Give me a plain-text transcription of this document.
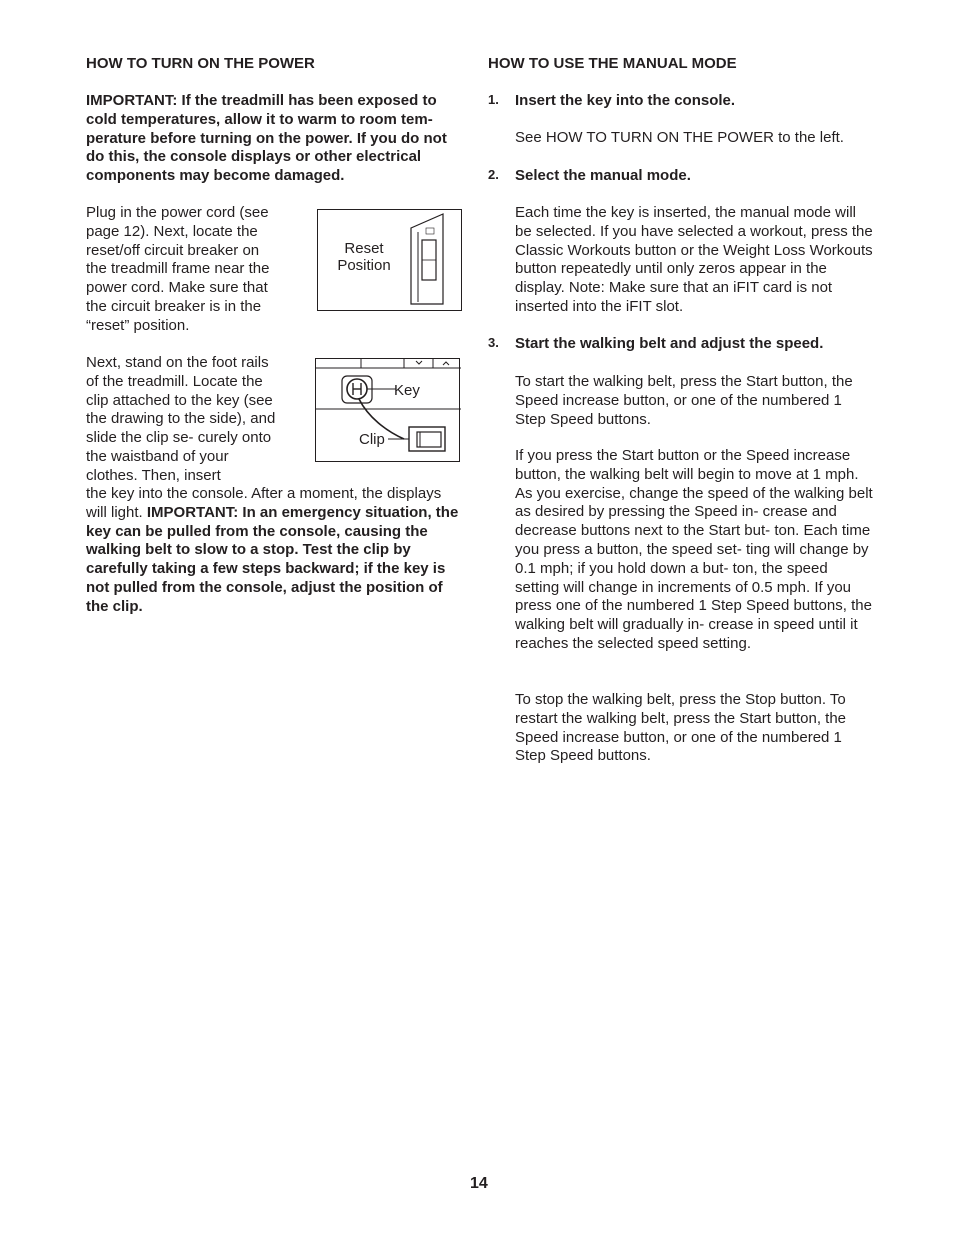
HOW TO TURN ON THE POWER

IMPORTANT: If the treadmill has been exposed to cold temperatures, allow it to warm to room tem- perature before turning on the power. If you do not do this, the console displays or other electrical components may become damaged.

Plug in the power cord (see page 12). Next, locate the reset/off circuit breaker on the treadmill frame near the power cord. Make sure that the circuit breaker is in the “reset” position.

Reset
Position

Next, stand on the foot rails of the treadmill. Locate the clip attached to the key (see the drawing to the side), and slide the clip se- curely onto the waistband of your clothes. Then, insert

Key
Clip

the key into the console. After a moment, the displays will light. IMPORTANT: In an emergency situation, the key can be pulled from the console, causing the walking belt to slow to a stop. Test the clip by carefully taking a few steps backward; if the key is not pulled from the console, adjust the position of the clip.

HOW TO USE THE MANUAL MODE
1. Insert the key into the console.

See HOW TO TURN ON THE POWER to the left.

2. Select the manual mode.

Each time the key is inserted, the manual mode will be selected. If you have selected a workout, press the Classic Workouts button or the Weight Loss Workouts button repeatedly until only zeros appear in the display. Note: Make sure that an iFIT card is not inserted into the iFIT slot.

3. Start the walking belt and adjust the speed.

To start the walking belt, press the Start button, the Speed increase button, or one of the numbered 1 Step Speed buttons.

If you press the Start button or the Speed increase button, the walking belt will begin to move at 1 mph. As you exercise, change the speed of the walking belt as desired by pressing the Speed in- crease and decrease buttons next to the Start but- ton. Each time you press a button, the speed set- ting will change by 0.1 mph; if you hold down a but- ton, the speed setting will change in increments of 0.5 mph. If you press one of the numbered 1 Step Speed buttons, the walking belt will gradually in- crease in speed until it reaches the selected speed setting.

To stop the walking belt, press the Stop button. To restart the walking belt, press the Start button, the Speed increase button, or one of the numbered 1 Step Speed buttons.

14
